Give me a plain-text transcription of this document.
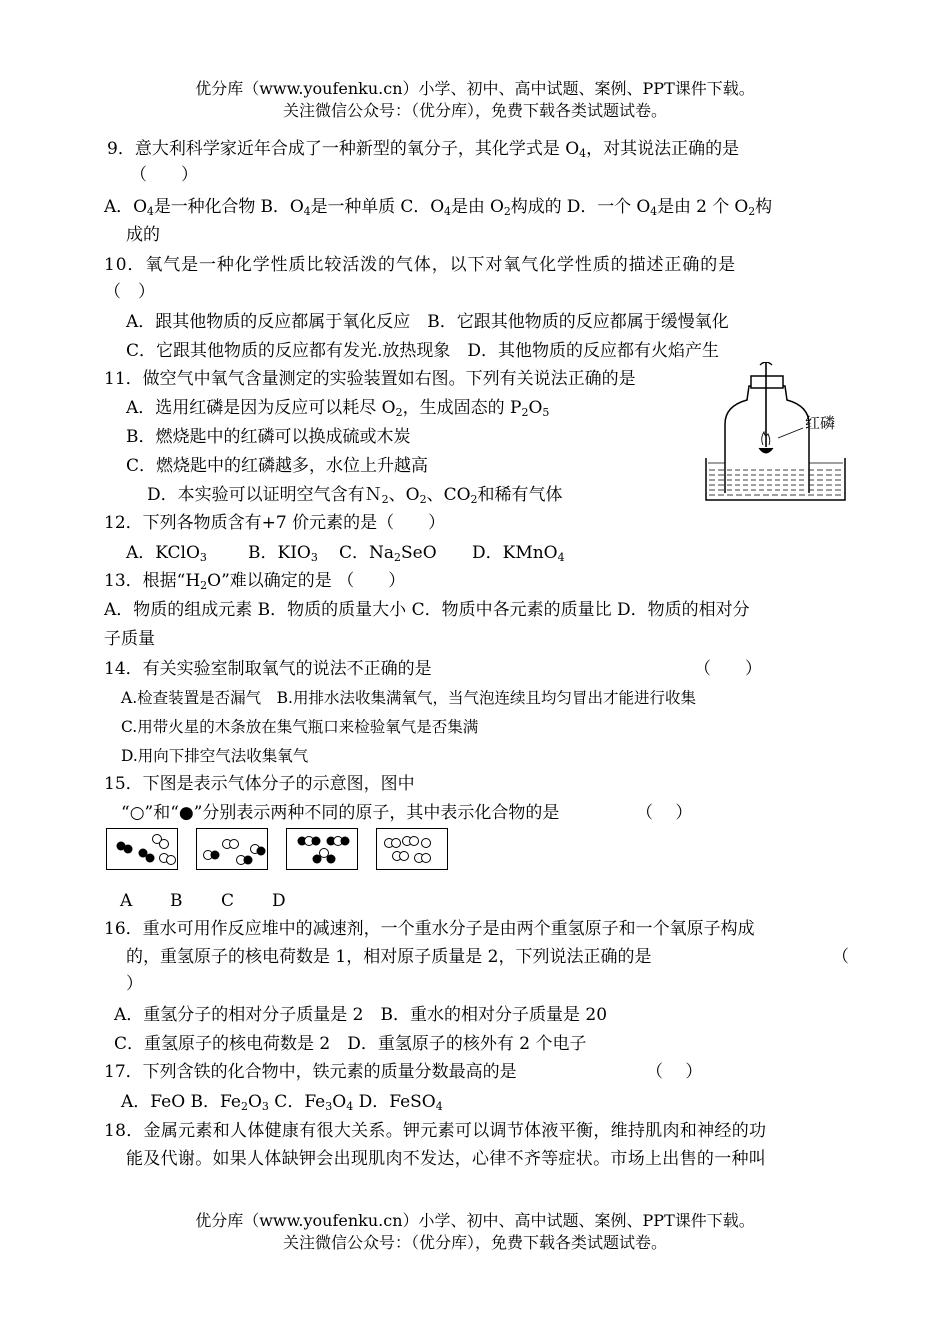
优分库（www.youfenku.cn）小学、初中、高中试题、案例、PPT课件下载。
关注微信公众号：（优分库），免费下载各类试题试卷。
9．意大利科学家近年合成了一种新型的氧分子，其化学式是 $O_4$，对其说法正确的是
（　　）
A．$O_4$是一种化合物 B．$O_4$是一种单质 C．$O_4$是由 $O_2$构成的 D．一个 $O_4$是由 2 个 $O_2$构
成的
10．氧气是一种化学性质比较活泼的气体，以下对氧气化学性质的描述正确的是
（　）
A．跟其他物质的反应都属于氧化反应　B．它跟其他物质的反应都属于缓慢氧化
C．它跟其他物质的反应都有发光.放热现象　D．其他物质的反应都有火焰产生
11．做空气中氧气含量测定的实验装置如右图。下列有关说法正确的是
A．选用红磷是因为反应可以耗尽 $O_2$，生成固态的 $P_2O_5$
B．燃烧匙中的红磷可以换成硫或木炭
C．燃烧匙中的红磷越多，水位上升越高
D．本实验可以证明空气含有Ｎ$_2$、$O_2$、$CO_2$和稀有气体
红磷
12．下列各物质含有+7 价元素的是（　　）
A．KClO$_3$ B．$KIO_3$ C．$Na_2SeO$ D．KMnO$_4$
13．根据“$H_2O$”难以确定的是 （　　）
A．物质的组成元素 B．物质的质量大小 C．物质中各元素的质量比 D．物质的相对分
子质量
14．有关实验室制取氧气的说法不正确的是	（　　）
A.检查装置是否漏气　B.用排水法收集满氧气，当气泡连续且均匀冒出才能进行收集
C.用带火星的木条放在集气瓶口来检验氧气是否集满
D.用向下排空气法收集氧气
15．下图是表示气体分子的示意图，图中
“○”和“●”分别表示两种不同的原子，其中表示化合物的是	（　 ）
A B C D
16．重水可用作反应堆中的减速剂，一个重水分子是由两个重氢原子和一个氧原子构成
的，重氢原子的核电荷数是 1，相对原子质量是 2，下列说法正确的是	（
）
A．重氢分子的相对分子质量是 2　B．重水的相对分子质量是 20
C．重氢原子的核电荷数是 2　D．重氢原子的核外有 2 个电子
17．下列含铁的化合物中，铁元素的质量分数最高的是	（　 ）
A．FeO B．$Fe_2O_3$ C．$Fe_3O_4$ D．FeSO$_4$
18．金属元素和人体健康有很大关系。钾元素可以调节体液平衡，维持肌肉和神经的功
能及代谢。如果人体缺钾会出现肌肉不发达，心律不齐等症状。市场上出售的一种叫
优分库（www.youfenku.cn）小学、初中、高中试题、案例、PPT课件下载。
关注微信公众号：（优分库），免费下载各类试题试卷。
